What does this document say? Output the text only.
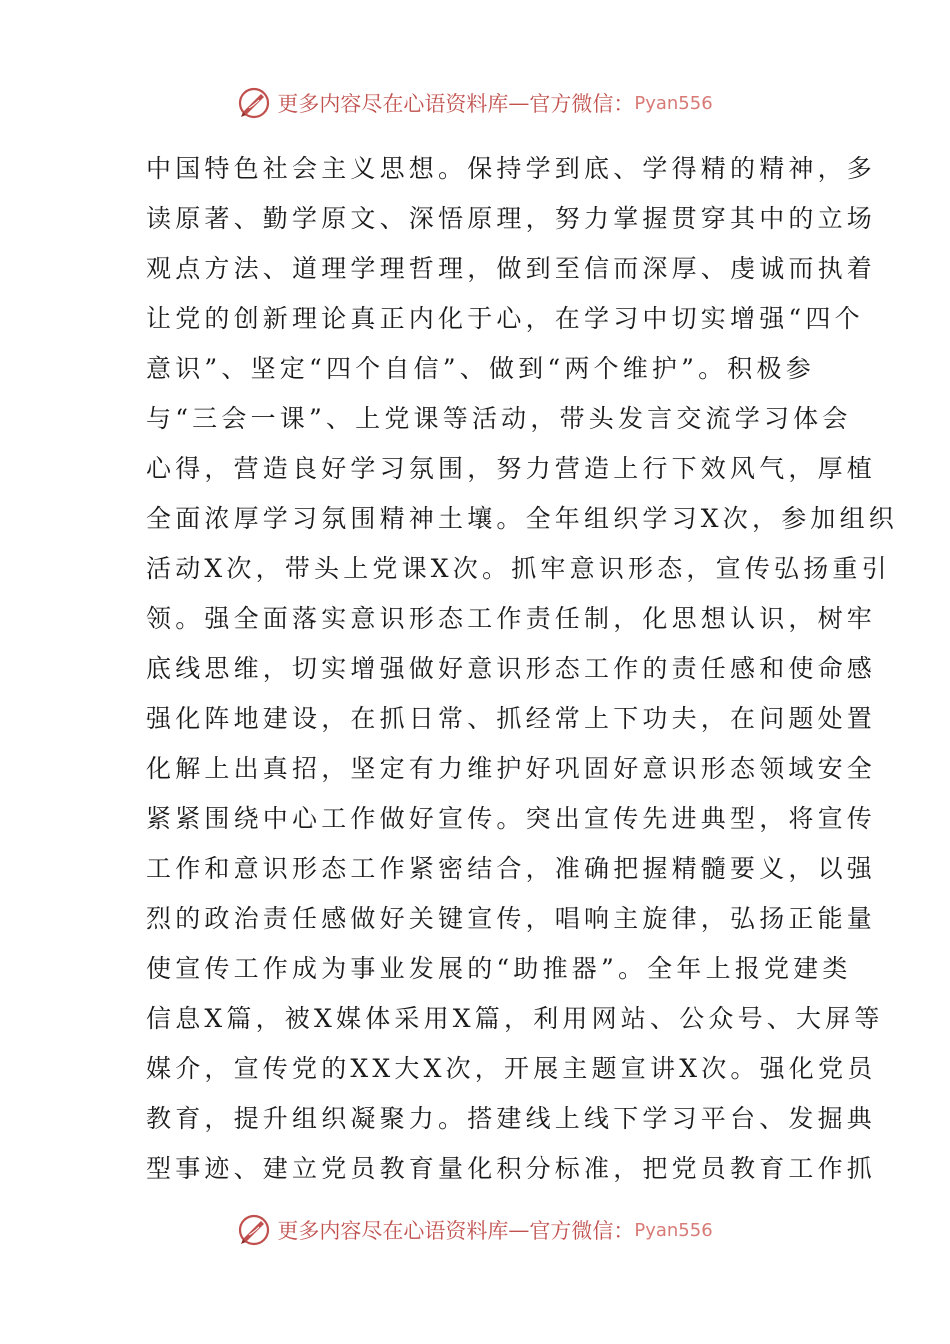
更多内容尽在心语资料库 — 官方微信： Pyan556
中国特色社会主义思想。保持学到底、学得精的精神，多
读原著、勤学原文、深悟原理，努力掌握贯穿其中的立场
观点方法、道理学理哲理，做到至信而深厚、虔诚而执着
让党的创新理论真正内化于心，在学习中切实增强“四个
意识”、坚定“四个自信”、做到“两个维护”。积极参
与“三会一课”、上党课等活动，带头发言交流学习体会
心得，营造良好学习氛围，努力营造上行下效风气，厚植
全面浓厚学习氛围精神土壤。全年组织学习X次，参加组织
活动X次，带头上党课X次。抓牢意识形态，宣传弘扬重引
领。强全面落实意识形态工作责任制，化思想认识，树牢
底线思维，切实增强做好意识形态工作的责任感和使命感
强化阵地建设，在抓日常、抓经常上下功夫，在问题处置
化解上出真招，坚定有力维护好巩固好意识形态领域安全
紧紧围绕中心工作做好宣传。突出宣传先进典型，将宣传
工作和意识形态工作紧密结合，准确把握精髓要义，以强
烈的政治责任感做好关键宣传，唱响主旋律，弘扬正能量
使宣传工作成为事业发展的“助推器”。全年上报党建类
信息X篇，被X媒体采用X篇，利用网站、公众号、大屏等
媒介，宣传党的XX大X次，开展主题宣讲X次。强化党员
教育，提升组织凝聚力。搭建线上线下学习平台、发掘典
型事迹、建立党员教育量化积分标准，把党员教育工作抓
更多内容尽在心语资料库 — 官方微信： Pyan556
